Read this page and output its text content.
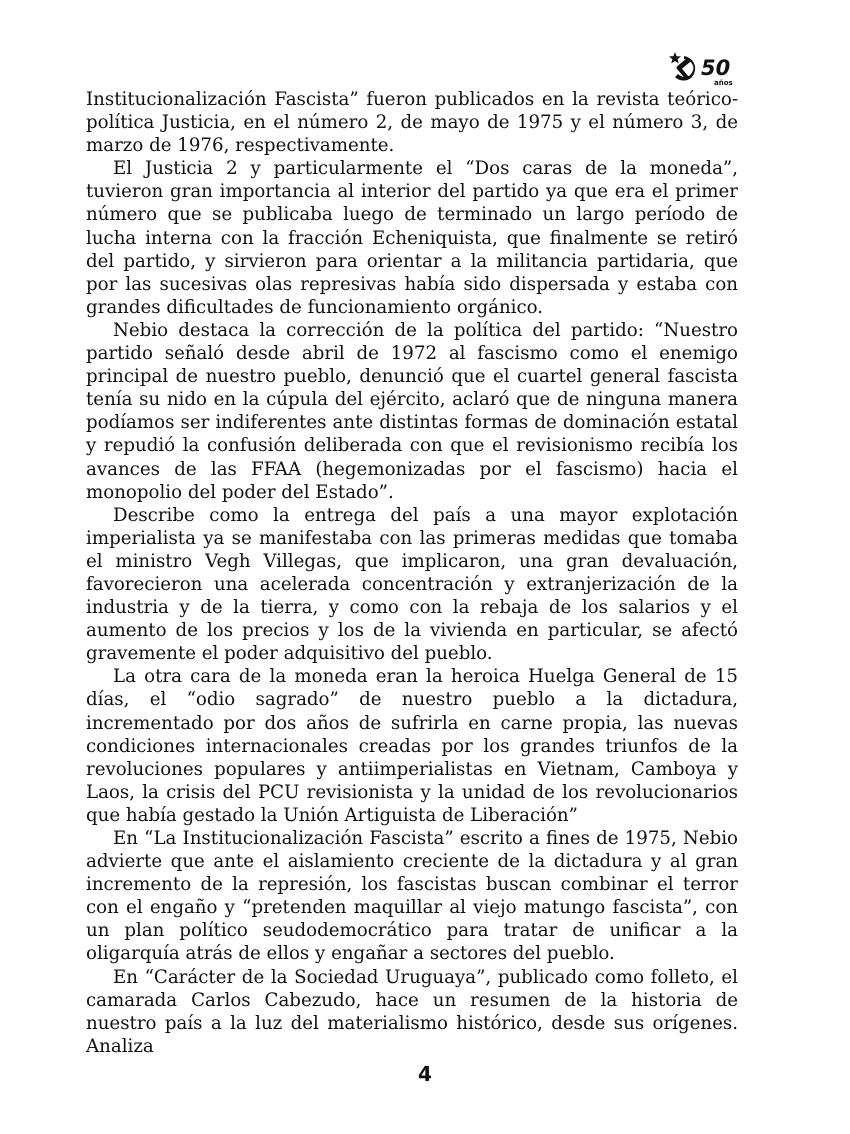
50
años

Institucionalización Fascista” fueron publicados en la revista teórico-política Justicia, en el número 2, de mayo de 1975 y el número 3, de marzo de 1976, respectivamente.

El Justicia 2 y particularmente el “Dos caras de la moneda”, tuvieron gran importancia al interior del partido ya que era el primer número que se publicaba luego de terminado un largo período de lucha interna con la fracción Echeniquista, que finalmente se retiró del partido, y sirvieron para orientar a la militancia partidaria, que por las sucesivas olas represivas había sido dispersada y estaba con grandes dificultades de funcionamiento orgánico.

Nebio destaca la corrección de la política del partido: “Nuestro partido señaló desde abril de 1972 al fascismo como el enemigo principal de nuestro pueblo, denunció que el cuartel general fascista tenía su nido en la cúpula del ejército, aclaró que de ninguna manera podíamos ser indiferentes ante distintas formas de dominación estatal y repudió la confusión deliberada con que el revisionismo recibía los avances de las FFAA (hegemonizadas por el fascismo) hacia el monopolio del poder del Estado”.

Describe como la entrega del país a una mayor explotación imperialista ya se manifestaba con las primeras medidas que tomaba el ministro Vegh Villegas, que implicaron, una gran devaluación, favorecieron una acelerada concentración y extranjerización de la industria y de la tierra, y como con la rebaja de los salarios y el aumento de los precios y los de la vivienda en particular, se afectó gravemente el poder adquisitivo del pueblo.

La otra cara de la moneda eran la heroica Huelga General de 15 días, el “odio sagrado” de nuestro pueblo a la dictadura, incrementado por dos años de sufrirla en carne propia, las nuevas condiciones internacionales creadas por los grandes triunfos de la revoluciones populares y antiimperialistas en Vietnam, Camboya y Laos, la crisis del PCU revisionista y la unidad de los revolucionarios que había gestado la Unión Artiguista de Liberación”

En “La Institucionalización Fascista” escrito a fines de 1975, Nebio advierte que ante el aislamiento creciente de la dictadura y al gran incremento de la represión, los fascistas buscan combinar el terror con el engaño y “pretenden maquillar al viejo matungo fascista”, con un plan político seudodemocrático para tratar de unificar a la oligarquía atrás de ellos y engañar a sectores del pueblo.

En “Carácter de la Sociedad Uruguaya”, publicado como folleto, el camarada Carlos Cabezudo, hace un resumen de la historia de nuestro país a la luz del materialismo histórico, desde sus orígenes. Analiza

4
